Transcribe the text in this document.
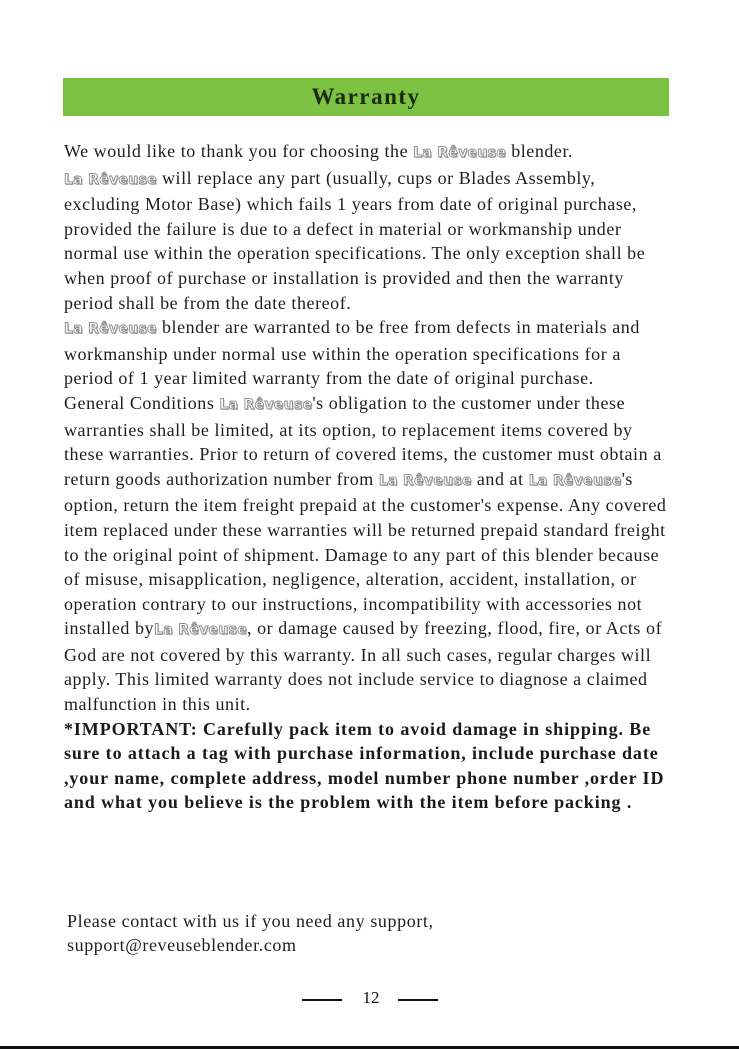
Warranty

We would like to thank you for choosing the La Rêveuse blender.

La Rêveuse will replace any part (usually, cups or Blades Assembly, excluding Motor Base) which fails 1 years from date of original purchase, provided the failure is due to a defect in material or workmanship under normal use within the operation specifications. The only exception shall be when proof of purchase or installation is provided and then the warranty period shall be from the date thereof.

La Rêveuse blender are warranted to be free from defects in materials and workmanship under normal use within the operation specifications for a period of 1 year limited warranty from the date of original purchase.

General Conditions La Rêveuse's obligation to the customer under these warranties shall be limited, at its option, to replacement items covered by these warranties. Prior to return of covered items, the customer must obtain a return goods authorization number from La Rêveuse and at La Rêveuse's option, return the item freight prepaid at the customer's expense. Any covered item replaced under these warranties will be returned prepaid standard freight to the original point of shipment. Damage to any part of this blender because of misuse, misapplication, negligence, alteration, accident, installation, or operation contrary to our instructions, incompatibility with accessories not installed byLa Rêveuse, or damage caused by freezing, flood, fire, or Acts of God are not covered by this warranty. In all such cases, regular charges will apply. This limited warranty does not include service to diagnose a claimed malfunction in this unit.

*IMPORTANT: Carefully pack item to avoid damage in shipping. Be sure to attach a tag with purchase information, include purchase date ,your name, complete address, model number phone number ,order ID and what you believe is the problem with the item before packing .

Please contact with us if you need any support,
support@reveuseblender.com
12
